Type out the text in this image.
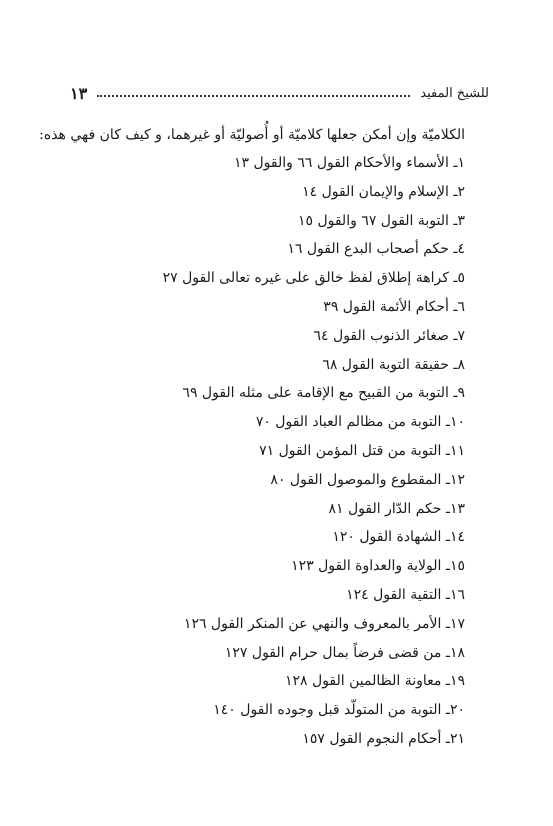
للشيخ المفيد
١٣
الكلاميّة وإن أمكن جعلها كلاميّة أو أُصوليّة أو غيرهما، و كيف كان فهي هذه:
١ـ الأسماء والأحكام القول ٦٦ والقول ١٣
٢ـ الإسلام والإيمان القول ١٤
٣ـ التوبة القول ٦٧ والقول ١٥
٤ـ حكم أصحاب البدع القول ١٦
٥ـ كراهة إطلاق لفظ خالق على غيره تعالى القول ٢٧
٦ـ أحكام الأئمة القول ٣٩
٧ـ صغائر الذنوب القول ٦٤
٨ـ حقيقة التوبة القول ٦٨
٩ـ التوبة من القبيح مع الإقامة على مثله القول ٦٩
١٠ـ التوبة من مظالم العباد القول ٧٠
١١ـ التوبة من قتل المؤمن القول ٧١
١٢ـ المقطوع والموصول القول ٨٠
١٣ـ حكم الدّار القول ٨١
١٤ـ الشهادة القول ١٢٠
١٥ـ الولاية والعداوة القول ١٢٣
١٦ـ التقية القول ١٢٤
١٧ـ الأمر بالمعروف والنهي عن المنكر القول ١٢٦
١٨ـ من قضى فرضاً بمال حرام القول ١٢٧
١٩ـ معاونة الظالمين القول ١٢٨
٢٠ـ التوبة من المتولّد قبل وجوده القول ١٤٠
٢١ـ أحكام النجوم القول ١٥٧
